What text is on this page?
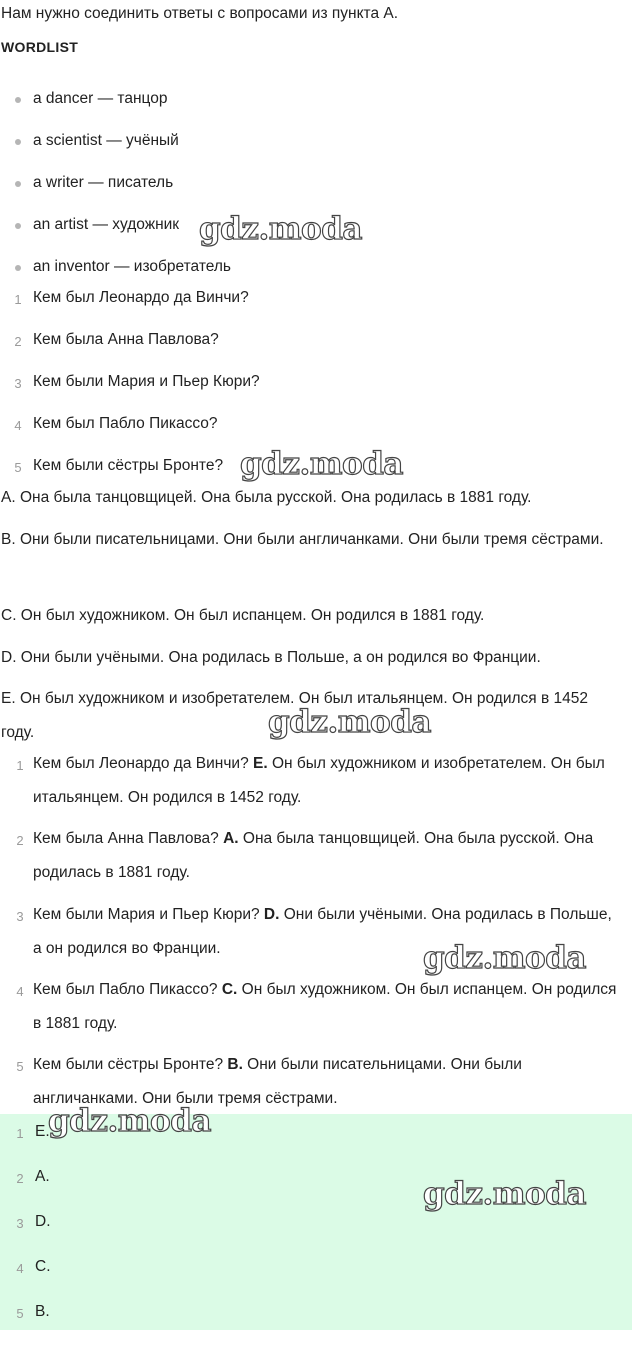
Нам нужно соединить ответы с вопросами из пункта А.
WORDLIST
a dancer — танцор
a scientist — учёный
a writer — писатель
an artist — художник
an inventor — изобретатель
1 Кем был Леонардо да Винчи?
2 Кем была Анна Павлова?
3 Кем были Мария и Пьер Кюри?
4 Кем был Пабло Пикассо?
5 Кем были сёстры Бронте?
A. Она была танцовщицей. Она была русской. Она родилась в 1881 году.
B. Они были писательницами. Они были англичанками. Они были тремя сёстрами.
C. Он был художником. Он был испанцем. Он родился в 1881 году.
D. Они были учёными. Она родилась в Польше, а он родился во Франции.
E. Он был художником и изобретателем. Он был итальянцем. Он родился в 1452 году.
1 Кем был Леонардо да Винчи? E. Он был художником и изобретателем. Он был итальянцем. Он родился в 1452 году.
2 Кем была Анна Павлова? A. Она была танцовщицей. Она была русской. Она родилась в 1881 году.
3 Кем были Мария и Пьер Кюри? D. Они были учёными. Она родилась в Польше, а он родился во Франции.
4 Кем был Пабло Пикассо? C. Он был художником. Он был испанцем. Он родился в 1881 году.
5 Кем были сёстры Бронте? B. Они были писательницами. Они были англичанками. Они были тремя сёстрами.
1 E.
2 A.
3 D.
4 C.
5 B.
gdz.moda
gdz.moda
gdz.moda
gdz.moda
gdz.moda
gdz.moda
